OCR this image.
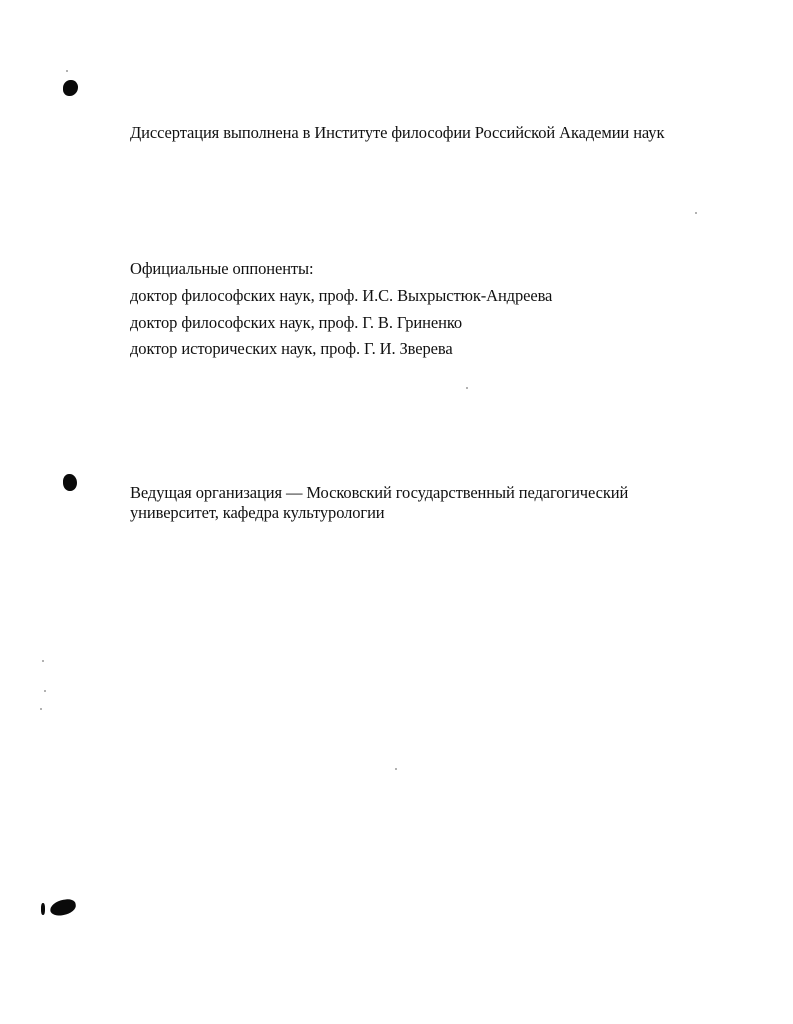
Диссертация выполнена в Институте философии Российской Академии наук
Официальные оппоненты:
доктор философских наук, проф. И.С. Выхрыстюк-Андреева
доктор философских наук, проф. Г. В. Гриненко
доктор исторических наук, проф. Г. И. Зверева
Ведущая организация — Московский государственный педагогический
университет, кафедра культурологии
